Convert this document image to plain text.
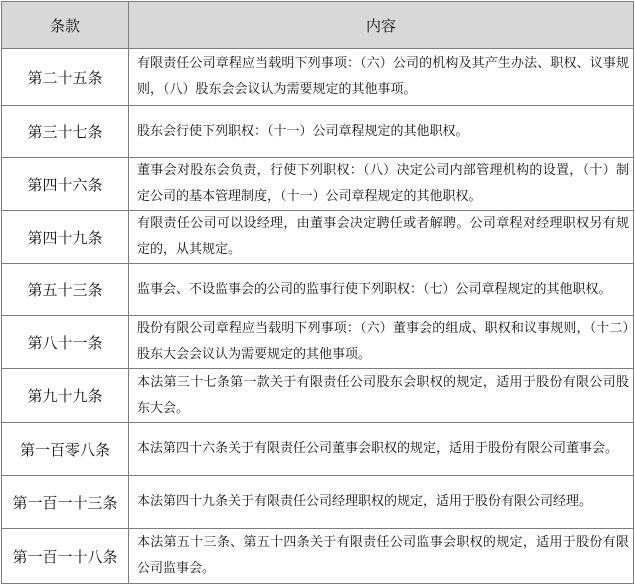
条款	内容
第二十五条	有限责任公司章程应当载明下列事项：（六）公司的机构及其产生办法、职权、议事规则，（八）股东会会议认为需要规定的其他事项。
第三十七条	股东会行使下列职权：（十一）公司章程规定的其他职权。
第四十六条	董事会对股东会负责，行使下列职权：（八）决定公司内部管理机构的设置，（十）制定公司的基本管理制度，（十一）公司章程规定的其他职权。
第四十九条	有限责任公司可以设经理，由董事会决定聘任或者解聘。公司章程对经理职权另有规定的，从其规定。
第五十三条	监事会、不设监事会的公司的监事行使下列职权：（七）公司章程规定的其他职权。
第八十一条	股份有限公司章程应当载明下列事项：（六）董事会的组成、职权和议事规则，（十二）股东大会会议认为需要规定的其他事项。
第九十九条	本法第三十七条第一款关于有限责任公司股东会职权的规定，适用于股份有限公司股东大会。
第一百零八条	本法第四十六条关于有限责任公司董事会职权的规定，适用于股份有限公司董事会。
第一百一十三条	本法第四十九条关于有限责任公司经理职权的规定，适用于股份有限公司经理。
第一百一十八条	本法第五十三条、第五十四条关于有限责任公司监事会职权的规定，适用于股份有限公司监事会。
